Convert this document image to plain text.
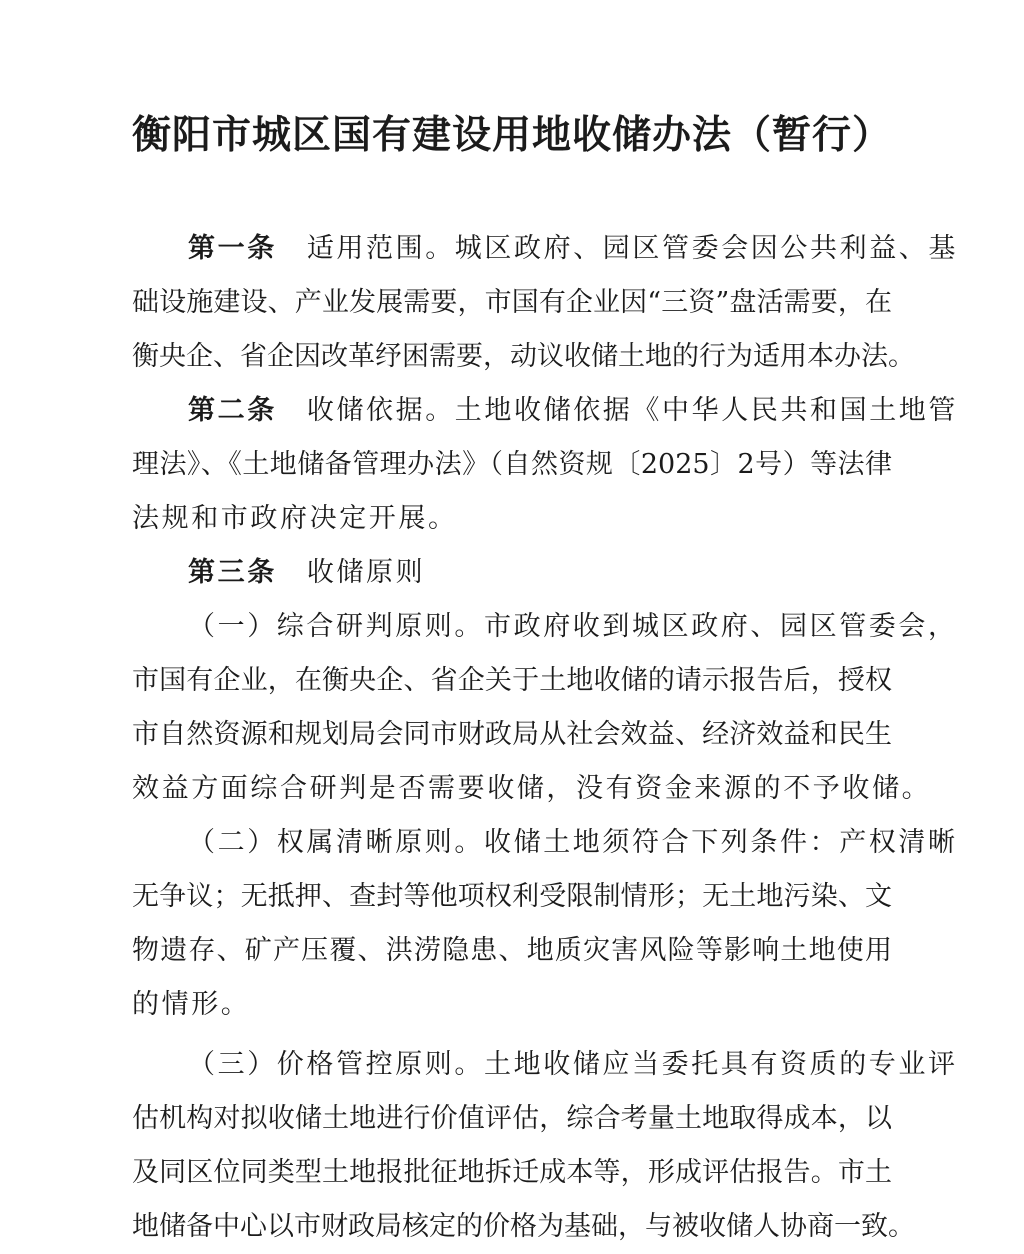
衡阳市城区国有建设用地收储办法（暂行）
第一条 适用范围。城区政府、园区管委会因公共利益、基
础设施建设、产业发展需要，市国有企业因“三资”盘活需要，在
衡央企、省企因改革纾困需要，动议收储土地的行为适用本办法。
第二条 收储依据。土地收储依据《中华人民共和国土地管
理法》、《土地储备管理办法》（自然资规〔2025〕2号）等法律
法规和市政府决定开展。
第三条 收储原则
（一）综合研判原则。市政府收到城区政府、园区管委会，
市国有企业，在衡央企、省企关于土地收储的请示报告后，授权
市自然资源和规划局会同市财政局从社会效益、经济效益和民生
效益方面综合研判是否需要收储，没有资金来源的不予收储。
（二）权属清晰原则。收储土地须符合下列条件：产权清晰
无争议；无抵押、查封等他项权利受限制情形；无土地污染、文
物遗存、矿产压覆、洪涝隐患、地质灾害风险等影响土地使用
的情形。
（三）价格管控原则。土地收储应当委托具有资质的专业评
估机构对拟收储土地进行价值评估，综合考量土地取得成本，以
及同区位同类型土地报批征地拆迁成本等，形成评估报告。市土
地储备中心以市财政局核定的价格为基础，与被收储人协商一致。
